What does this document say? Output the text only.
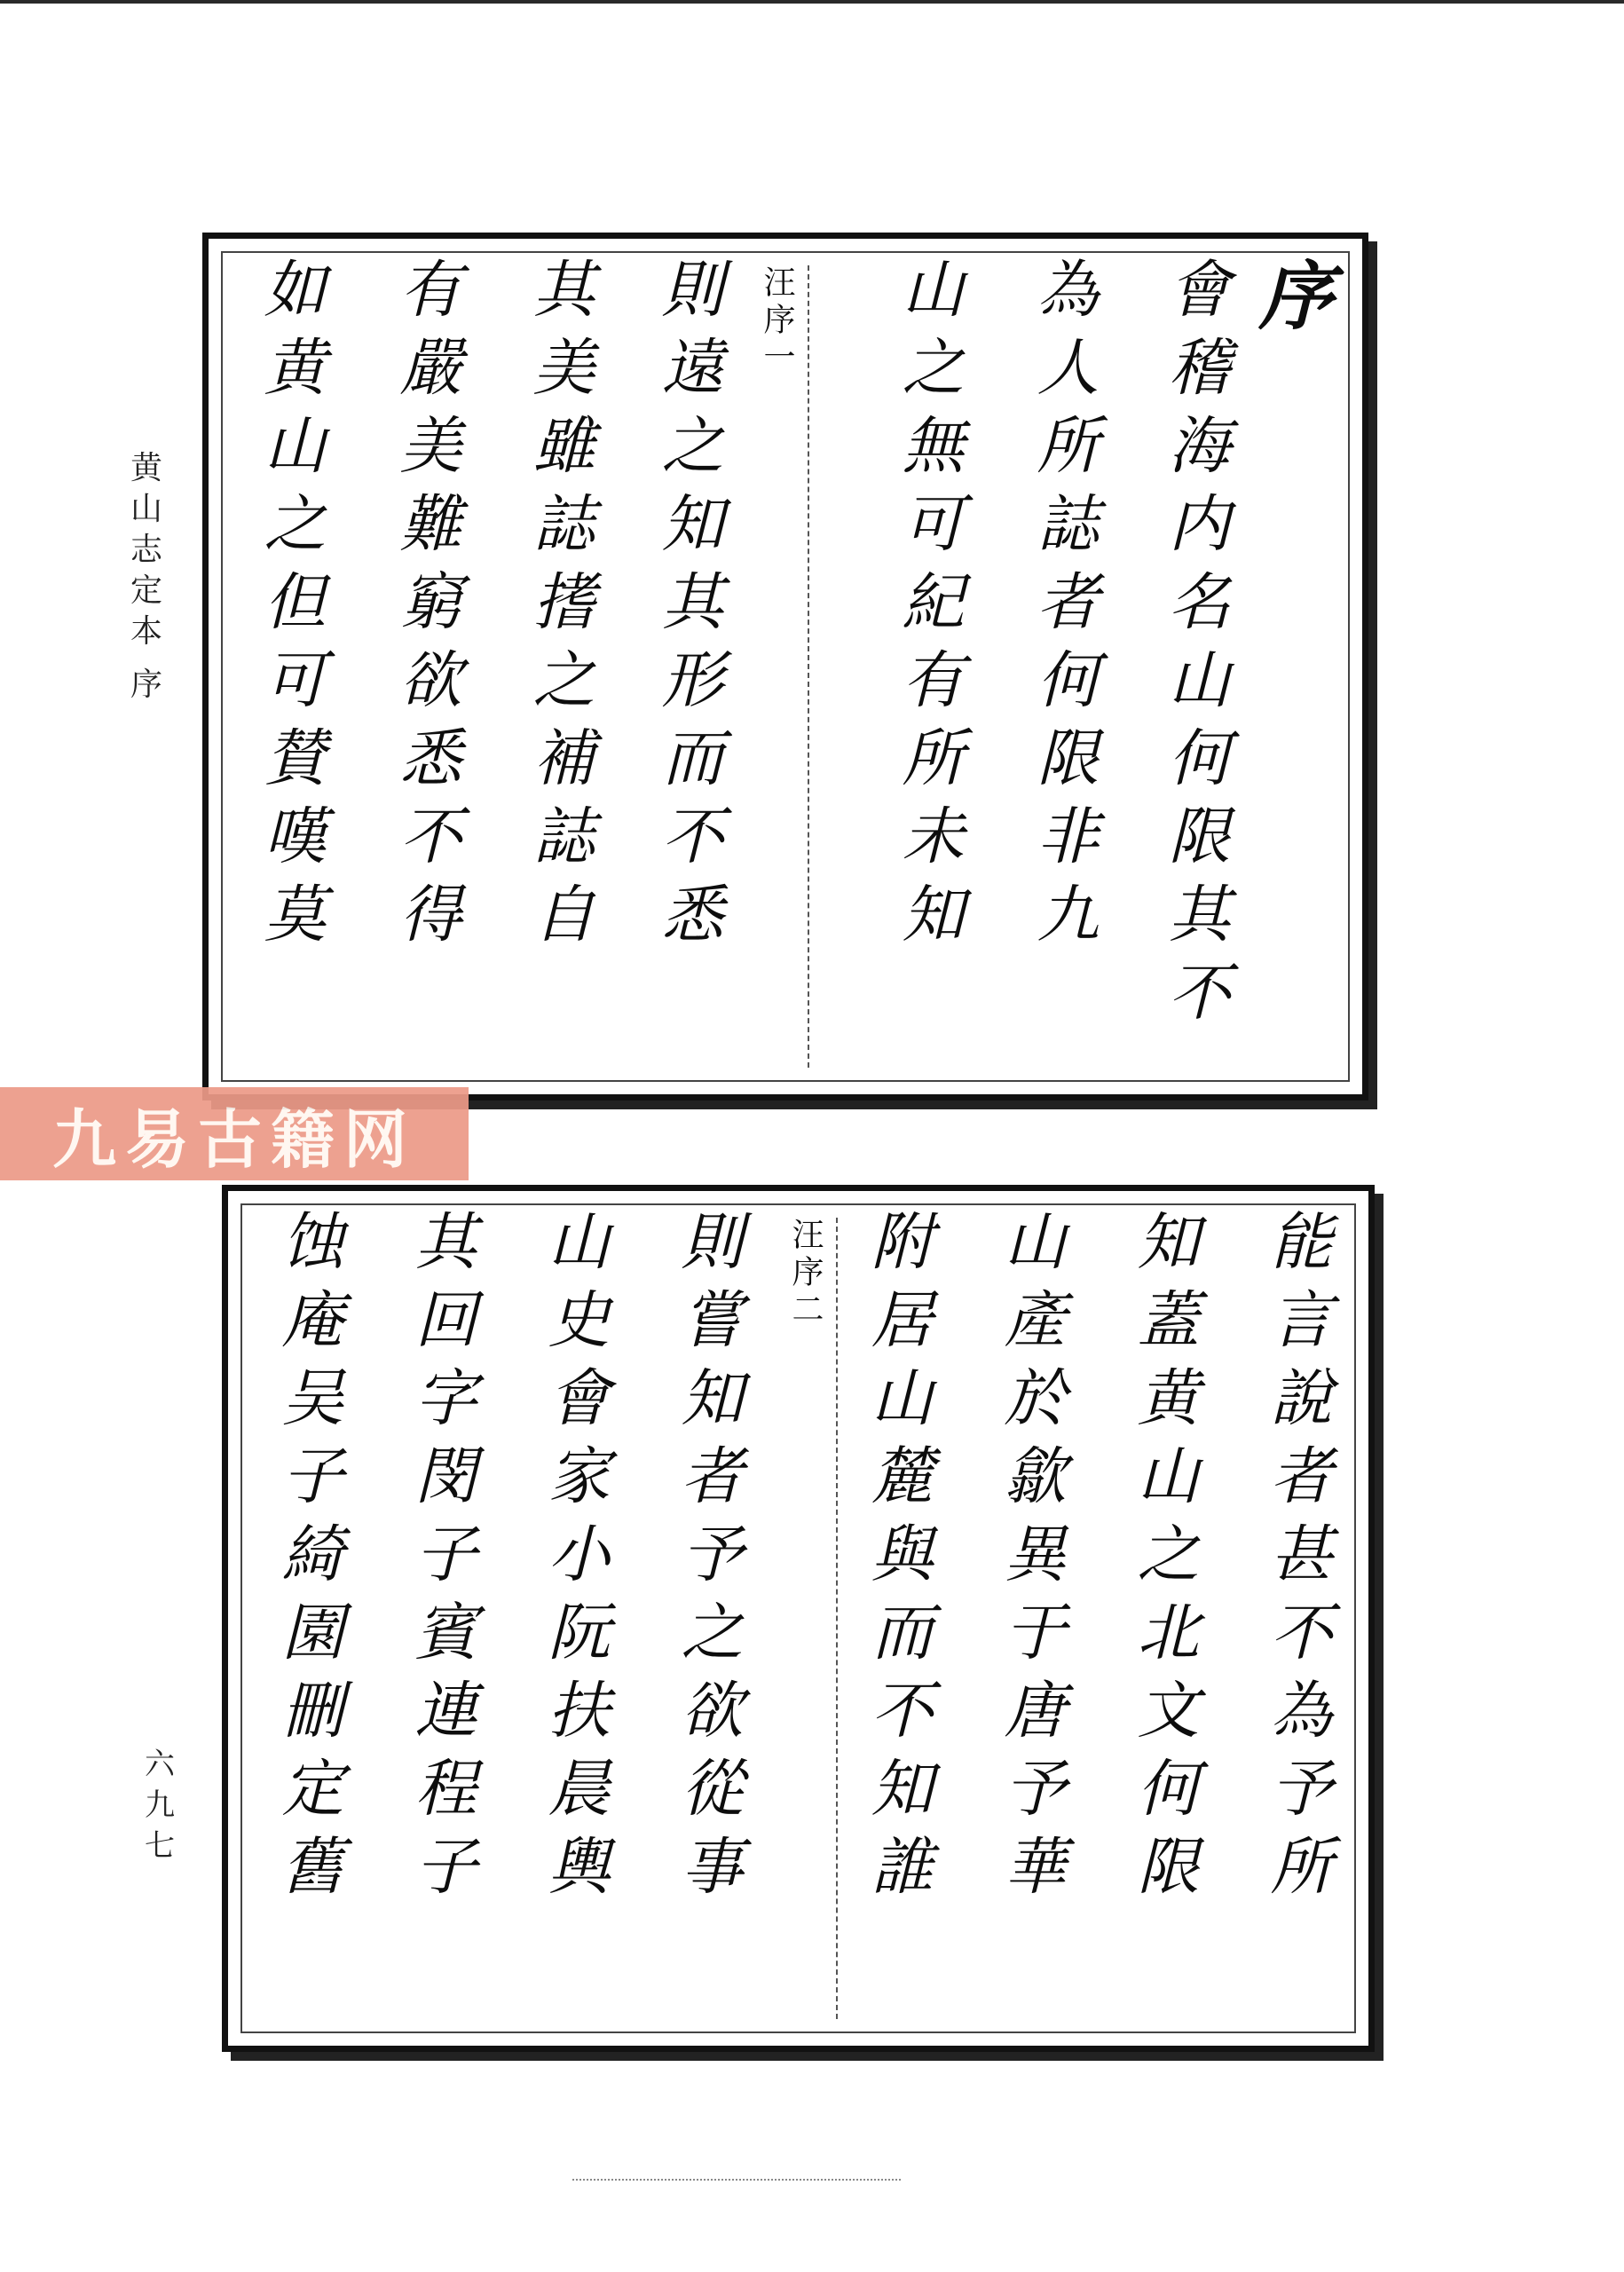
黄山志定本
序
六九七
序
會稽海内名山何限其不
為人所誌者何限非九
山之無可紀有所未知
汪序一
則遠之知其形而不悉
其美雖誌搘之補誌自
有嚴美難窮欲悉不得
如黄山之但可賛嘆莫
九易古籍网
能言說者甚不為予所
知蓋黄山之北文何限
山產於歙異于唐予華
附居山麓與而不知誰
汪序二
則嘗知者予之欲從事
山史會家小阮扶晨輿
其回字閔子賓連程子
蚀庵吴子綺園刪定舊
